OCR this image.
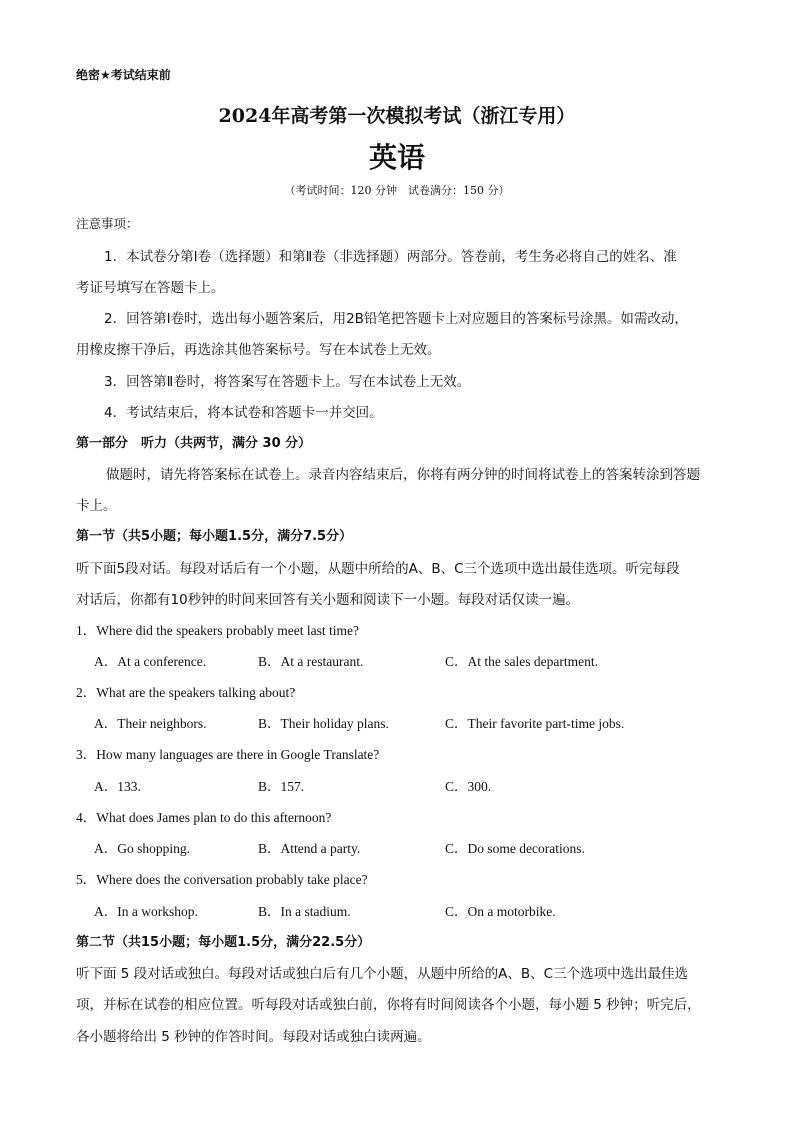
绝密★考试结束前
2024年高考第一次模拟考试（浙江专用）
英语
（考试时间：120 分钟　试卷满分：150 分）
注意事项：
1．本试卷分第Ⅰ卷（选择题）和第Ⅱ卷（非选择题）两部分。答卷前，考生务必将自己的姓名、准
考证号填写在答题卡上。
2．回答第Ⅰ卷时，选出每小题答案后，用2B铅笔把答题卡上对应题目的答案标号涂黑。如需改动，
用橡皮擦干净后，再选涂其他答案标号。写在本试卷上无效。
3．回答第Ⅱ卷时，将答案写在答题卡上。写在本试卷上无效。
4．考试结束后，将本试卷和答题卡一并交回。
第一部分　听力（共两节，满分 30 分）
做题时，请先将答案标在试卷上。录音内容结束后，你将有两分钟的时间将试卷上的答案转涂到答题
卡上。
第一节（共5小题；每小题1.5分，满分7.5分）
听下面5段对话。每段对话后有一个小题，从题中所给的A、B、C三个选项中选出最佳选项。听完每段
对话后，你都有10秒钟的时间来回答有关小题和阅读下一小题。每段对话仅读一遍。
1．Where did the speakers probably meet last time?
A．At a conference.	B．At a restaurant.	C．At the sales department.
2．What are the speakers talking about?
A．Their neighbors.	B．Their holiday plans.	C．Their favorite part-time jobs.
3．How many languages are there in Google Translate?
A．133.	B．157.	C．300.
4．What does James plan to do this afternoon?
A．Go shopping.	B．Attend a party.	C．Do some decorations.
5．Where does the conversation probably take place?
A．In a workshop.	B．In a stadium.	C．On a motorbike.
第二节（共15小题；每小题1.5分，满分22.5分）
听下面 5 段对话或独白。每段对话或独白后有几个小题，从题中所给的A、B、C三个选项中选出最佳选
项，并标在试卷的相应位置。听每段对话或独白前，你将有时间阅读各个小题，每小题 5 秒钟；听完后，
各小题将给出 5 秒钟的作答时间。每段对话或独白读两遍。
